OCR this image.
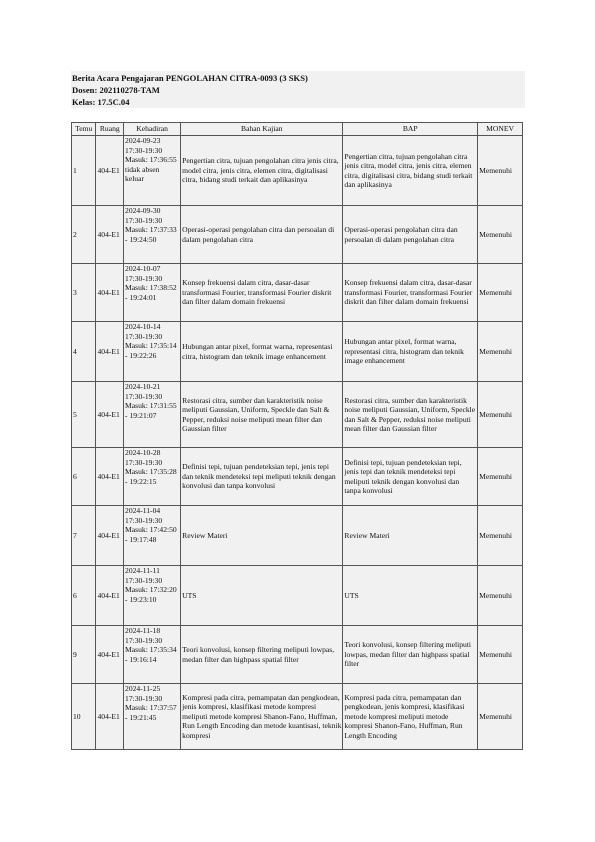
Berita Acara Pengajaran PENGOLAHAN CITRA-0093 (3 SKS)
Dosen: 202110278-TAM
Kelas: 17.5C.04
Temu	Ruang	Kehadiran	Bahan Kajian	BAP	MONEV
1	404-E1	2024-09-23 17:30-19:30 Masuk: 17:36:55 tidak absen keluar	Pengertian citra, tujuan pengolahan citra jenis citra, model citra, jenis citra, elemen citra, digitalisasi citra, bidang studi terkait dan aplikasinya	Pengertian citra, tujuan pengolahan citra jenis citra, model citra, jenis citra, elemen citra, digitalisasi citra, bidang studi terkait dan aplikasinya	Memenuhi
2	404-E1	2024-09-30 17:30-19:30 Masuk: 17:37:33 - 19:24:50	Operasi-operasi pengolahan citra dan persoalan di dalam pengolahan citra	Operasi-operasi pengolahan citra dan persoalan di dalam pengolahan citra	Memenuhi
3	404-E1	2024-10-07 17:30-19:30 Masuk: 17:38:52 - 19:24:01	Konsep frekuensi dalam citra, dasar-dasar transformasi Fourier, transformasi Fourier diskrit dan filter dalam domain frekuensi	Konsep frekuensi dalam citra, dasar-dasar transformasi Fourier, transformasi Fourier diskrit dan filter dalam domain frekuensi	Memenuhi
4	404-E1	2024-10-14 17:30-19:30 Masuk: 17:35:14 - 19:22:26	Hubungan antar pixel, format warna, representasi citra, histogram dan teknik image enhancement	Hubungan antar pixel, format warna, representasi citra, histogram dan teknik image enhancement	Memenuhi
5	404-E1	2024-10-21 17:30-19:30 Masuk: 17:31:55 - 19:21:07	Restorasi citra, sumber dan karakteristik noise meliputi Gaussian, Uniform, Speckle dan Salt & Pepper, reduksi noise meliputi mean filter dan Gaussian filter	Restorasi citra, sumber dan karakteristik noise meliputi Gaussian, Uniform, Speckle dan Salt & Pepper, reduksi noise meliputi mean filter dan Gaussian filter	Memenuhi
6	404-E1	2024-10-28 17:30-19:30 Masuk: 17:35:28 - 19:22:15	Definisi tepi, tujuan pendeteksian tepi, jenis tepi dan teknik mendeteksi tepi meliputi teknik dengan konvolusi dan tanpa konvolusi	Definisi tepi, tujuan pendeteksian tepi, jenis tepi dan teknik mendeteksi tepi meliputi teknik dengan konvolusi dan tanpa konvolusi	Memenuhi
7	404-E1	2024-11-04 17:30-19:30 Masuk: 17:42:50 - 19:17:48	Review Materi	Review Materi	Memenuhi
6	404-E1	2024-11-11 17:30-19:30 Masuk: 17:32:20 - 19:23:10	UTS	UTS	Memenuhi
9	404-E1	2024-11-18 17:30-19:30 Masuk: 17:35:34 - 19:16:14	Teori konvolusi, konsep filtering meliputi lowpas, medan filter dan highpass spatial filter	Teori konvolusi, konsep filtering meliputi lowpas, medan filter dan highpass spatial filter	Memenuhi
10	404-E1	2024-11-25 17:30-19:30 Masuk: 17:37:57 - 19:21:45	Kompresi pada citra, pemampatan dan pengkodean, jenis kompresi, klasifikasi metode kompresi meliputi metode kompresi Shanon-Fano, Huffman, Run Length Encoding dan metode kuantisasi, teknik kompresi	Kompresi pada citra, pemampatan dan pengkodean, jenis kompresi, klasifikasi metode kompresi meliputi metode kompresi Shanon-Fano, Huffman, Run Length Encoding	Memenuhi
